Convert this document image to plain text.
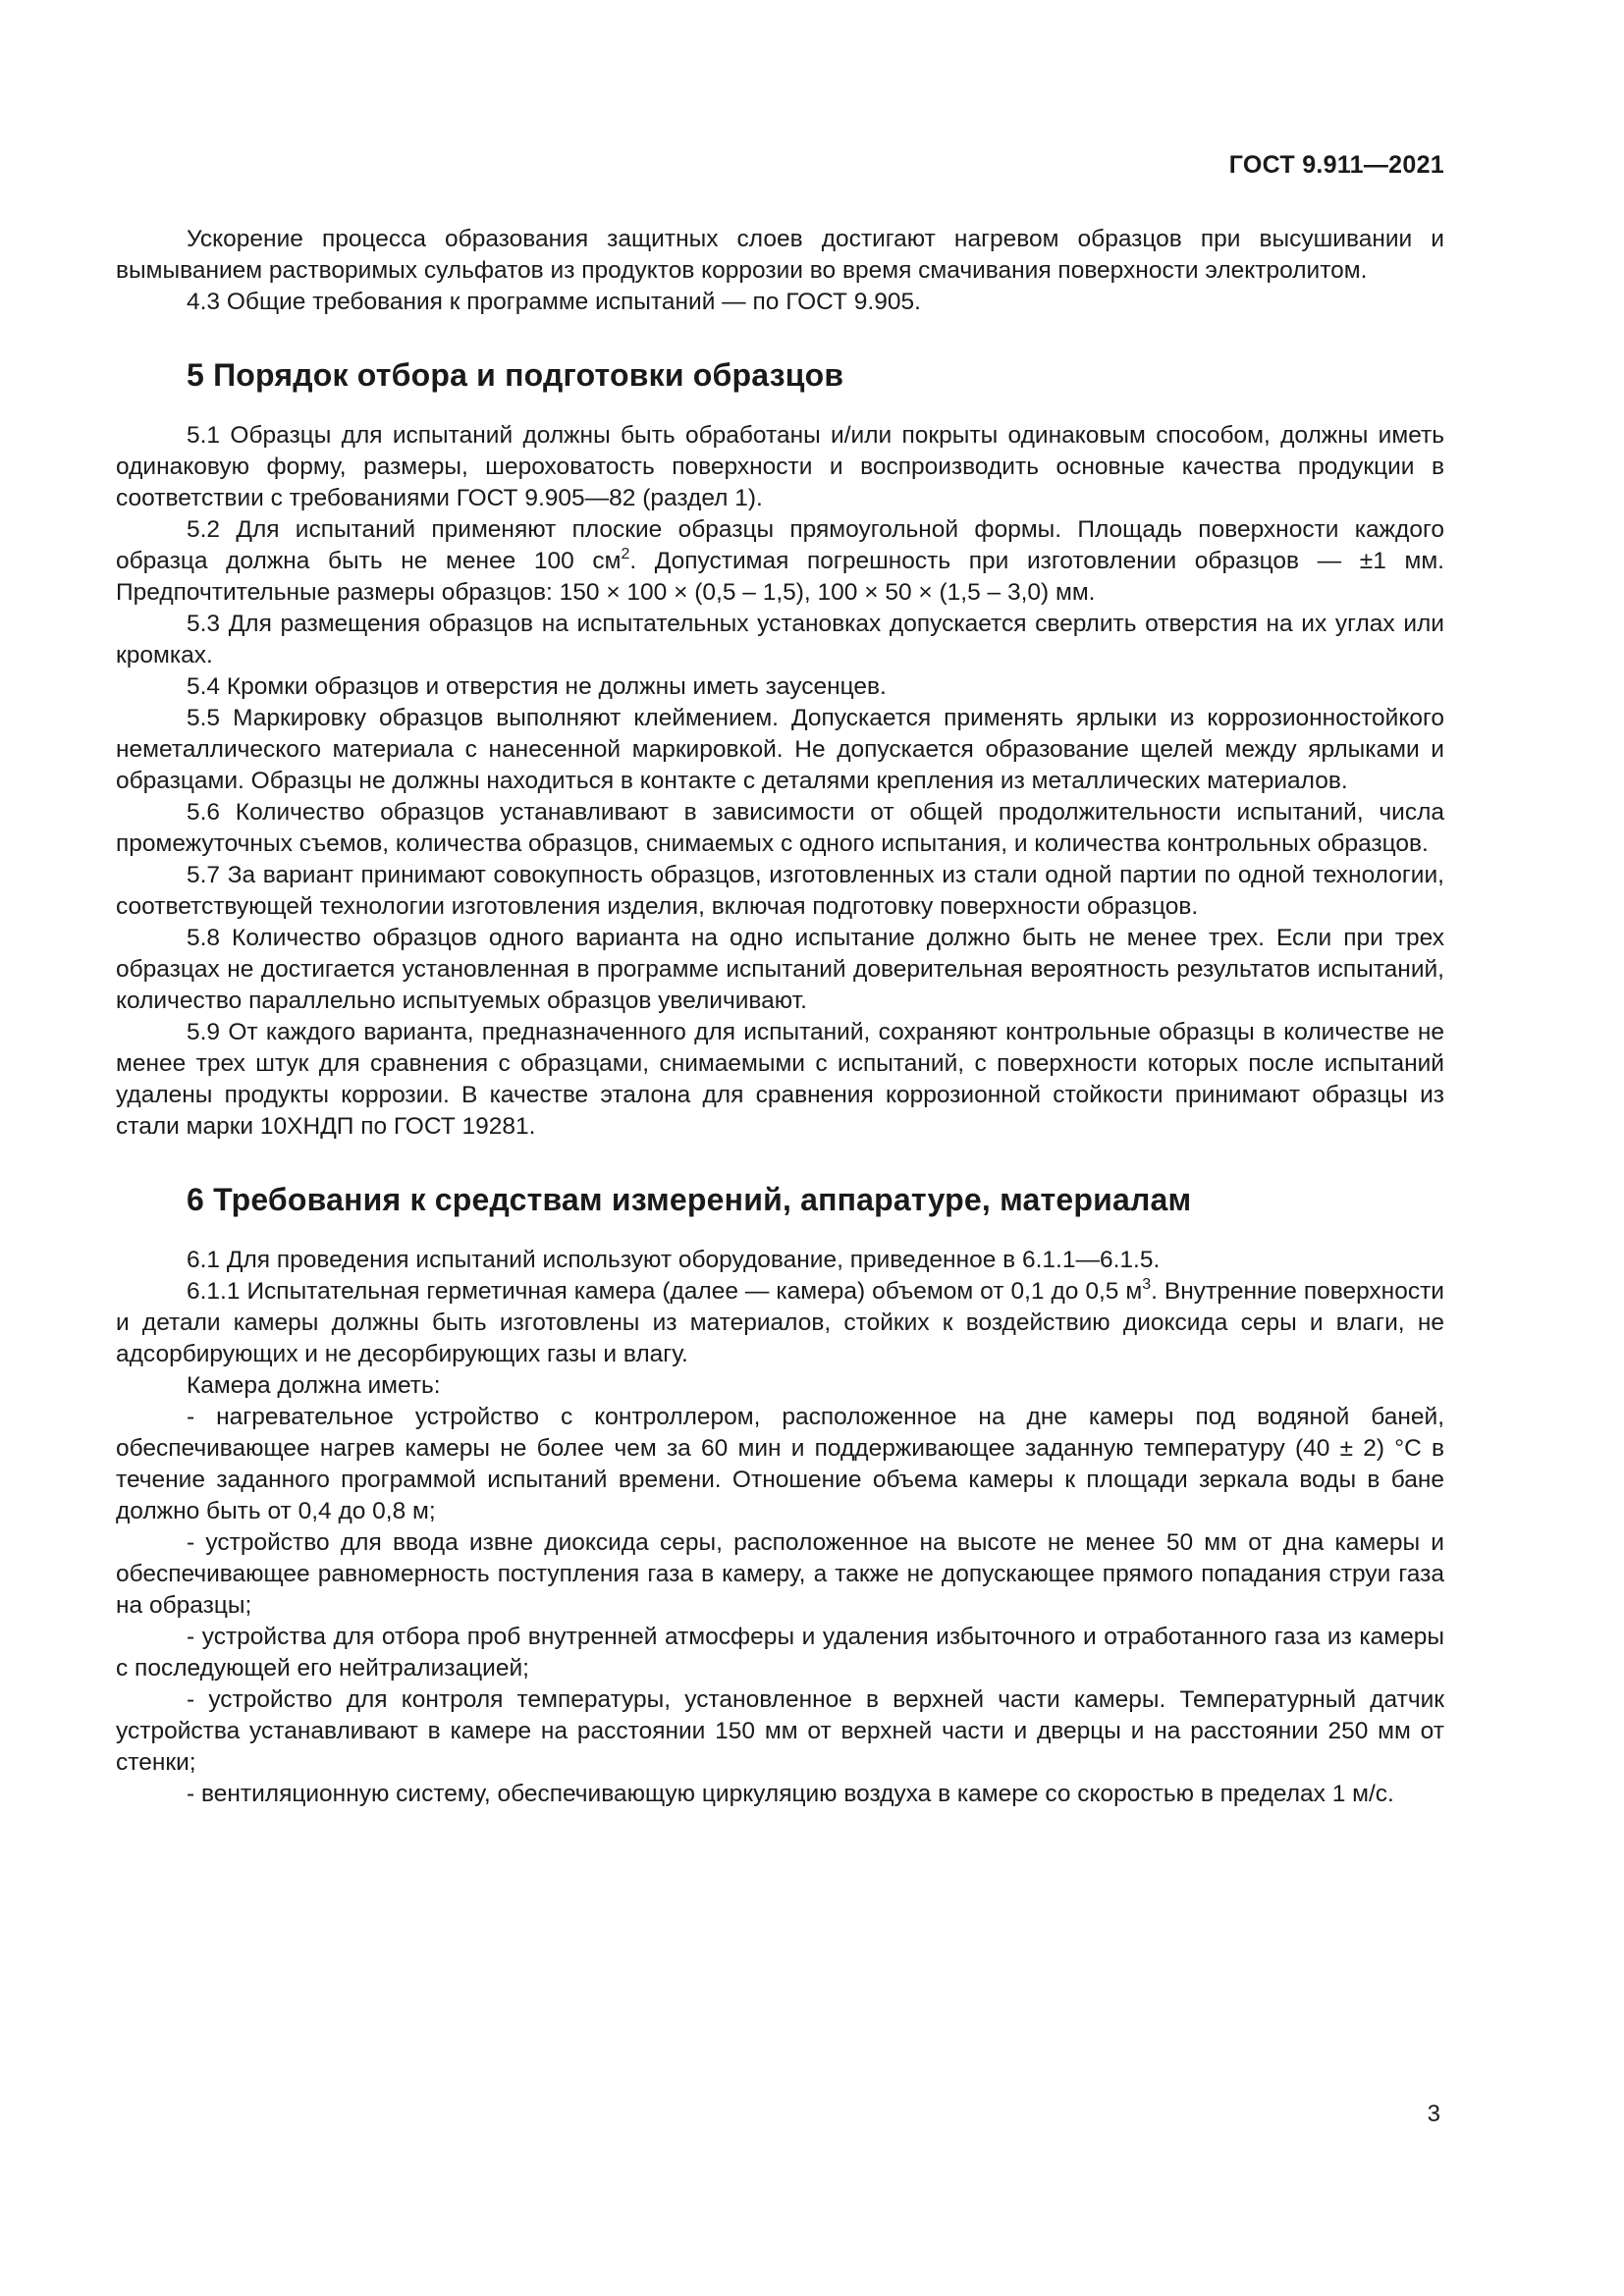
ГОСТ 9.911—2021

Ускорение процесса образования защитных слоев достигают нагревом образцов при высушивании и вымыванием растворимых сульфатов из продуктов коррозии во время смачивания поверхности электролитом.

4.3 Общие требования к программе испытаний — по ГОСТ 9.905.

5 Порядок отбора и подготовки образцов

5.1 Образцы для испытаний должны быть обработаны и/или покрыты одинаковым способом, должны иметь одинаковую форму, размеры, шероховатость поверхности и воспроизводить основные качества продукции в соответствии с требованиями ГОСТ 9.905—82 (раздел 1).

5.2 Для испытаний применяют плоские образцы прямоугольной формы. Площадь поверхности каждого образца должна быть не менее 100 $см^2$. Допустимая погрешность при изготовлении образцов — ±1 мм. Предпочтительные размеры образцов: 150 × 100 × (0,5 – 1,5), 100 × 50 × (1,5 – 3,0) мм.

5.3 Для размещения образцов на испытательных установках допускается сверлить отверстия на их углах или кромках.

5.4 Кромки образцов и отверстия не должны иметь заусенцев.

5.5 Маркировку образцов выполняют клеймением. Допускается применять ярлыки из коррозионностойкого неметаллического материала с нанесенной маркировкой. Не допускается образование щелей между ярлыками и образцами. Образцы не должны находиться в контакте с деталями крепления из металлических материалов.

5.6 Количество образцов устанавливают в зависимости от общей продолжительности испытаний, числа промежуточных съемов, количества образцов, снимаемых с одного испытания, и количества контрольных образцов.

5.7 За вариант принимают совокупность образцов, изготовленных из стали одной партии по одной технологии, соответствующей технологии изготовления изделия, включая подготовку поверхности образцов.

5.8 Количество образцов одного варианта на одно испытание должно быть не менее трех. Если при трех образцах не достигается установленная в программе испытаний доверительная вероятность результатов испытаний, количество параллельно испытуемых образцов увеличивают.

5.9 От каждого варианта, предназначенного для испытаний, сохраняют контрольные образцы в количестве не менее трех штук для сравнения с образцами, снимаемыми с испытаний, с поверхности которых после испытаний удалены продукты коррозии. В качестве эталона для сравнения коррозионной стойкости принимают образцы из стали марки 10ХНДП по ГОСТ 19281.

6 Требования к средствам измерений, аппаратуре, материалам

6.1 Для проведения испытаний используют оборудование, приведенное в 6.1.1—6.1.5.

6.1.1 Испытательная герметичная камера (далее — камера) объемом от 0,1 до 0,5 $м^3$. Внутренние поверхности и детали камеры должны быть изготовлены из материалов, стойких к воздействию диоксида серы и влаги, не адсорбирующих и не десорбирующих газы и влагу.

Камера должна иметь:

- нагревательное устройство с контроллером, расположенное на дне камеры под водяной баней, обеспечивающее нагрев камеры не более чем за 60 мин и поддерживающее заданную температуру (40 ± 2) °С в течение заданного программой испытаний времени. Отношение объема камеры к площади зеркала воды в бане должно быть от 0,4 до 0,8 м;

- устройство для ввода извне диоксида серы, расположенное на высоте не менее 50 мм от дна камеры и обеспечивающее равномерность поступления газа в камеру, а также не допускающее прямого попадания струи газа на образцы;

- устройства для отбора проб внутренней атмосферы и удаления избыточного и отработанного газа из камеры с последующей его нейтрализацией;

- устройство для контроля температуры, установленное в верхней части камеры. Температурный датчик устройства устанавливают в камере на расстоянии 150 мм от верхней части и дверцы и на расстоянии 250 мм от стенки;

- вентиляционную систему, обеспечивающую циркуляцию воздуха в камере со скоростью в пределах 1 м/с.

3
